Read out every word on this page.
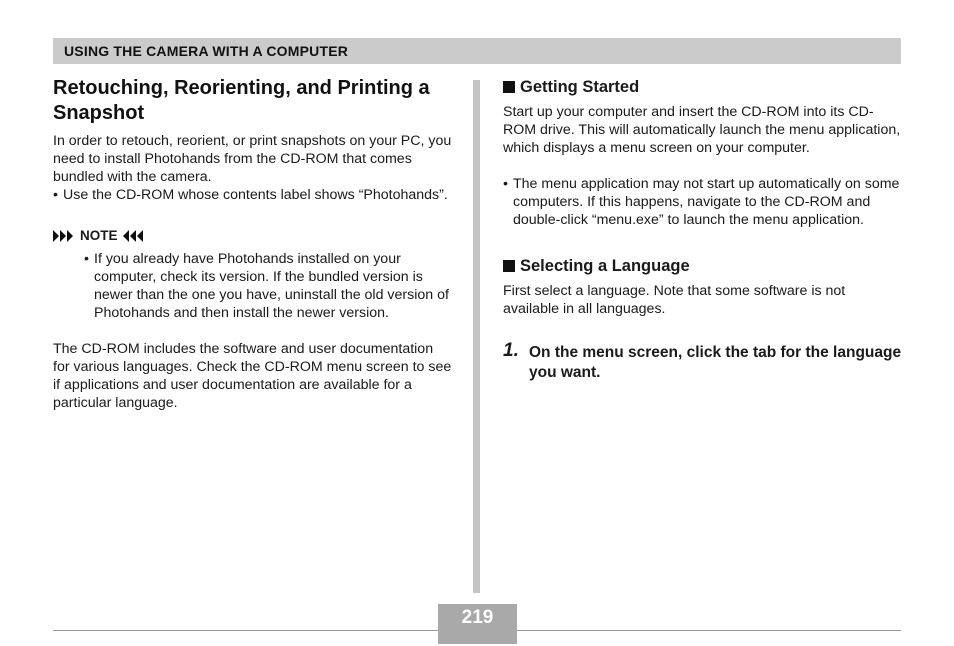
USING THE CAMERA WITH A COMPUTER
Retouching, Reorienting, and Printing a Snapshot

In order to retouch, reorient, or print snapshots on your PC, you need to install Photohands from the CD-ROM that comes bundled with the camera.

• Use the CD-ROM whose contents label shows “Photohands”.
NOTE
• If you already have Photohands installed on your computer, check its version. If the bundled version is newer than the one you have, uninstall the old version of Photohands and then install the newer version.

The CD-ROM includes the software and user documentation for various languages. Check the CD-ROM menu screen to see if applications and user documentation are available for a particular language.

Getting Started

Start up your computer and insert the CD-ROM into its CD-ROM drive. This will automatically launch the menu application, which displays a menu screen on your computer.

• The menu application may not start up automatically on some computers. If this happens, navigate to the CD-ROM and double-click “menu.exe” to launch the menu application.
Selecting a Language

First select a language. Note that some software is not available in all languages.

1. On the menu screen, click the tab for the language you want.
219
